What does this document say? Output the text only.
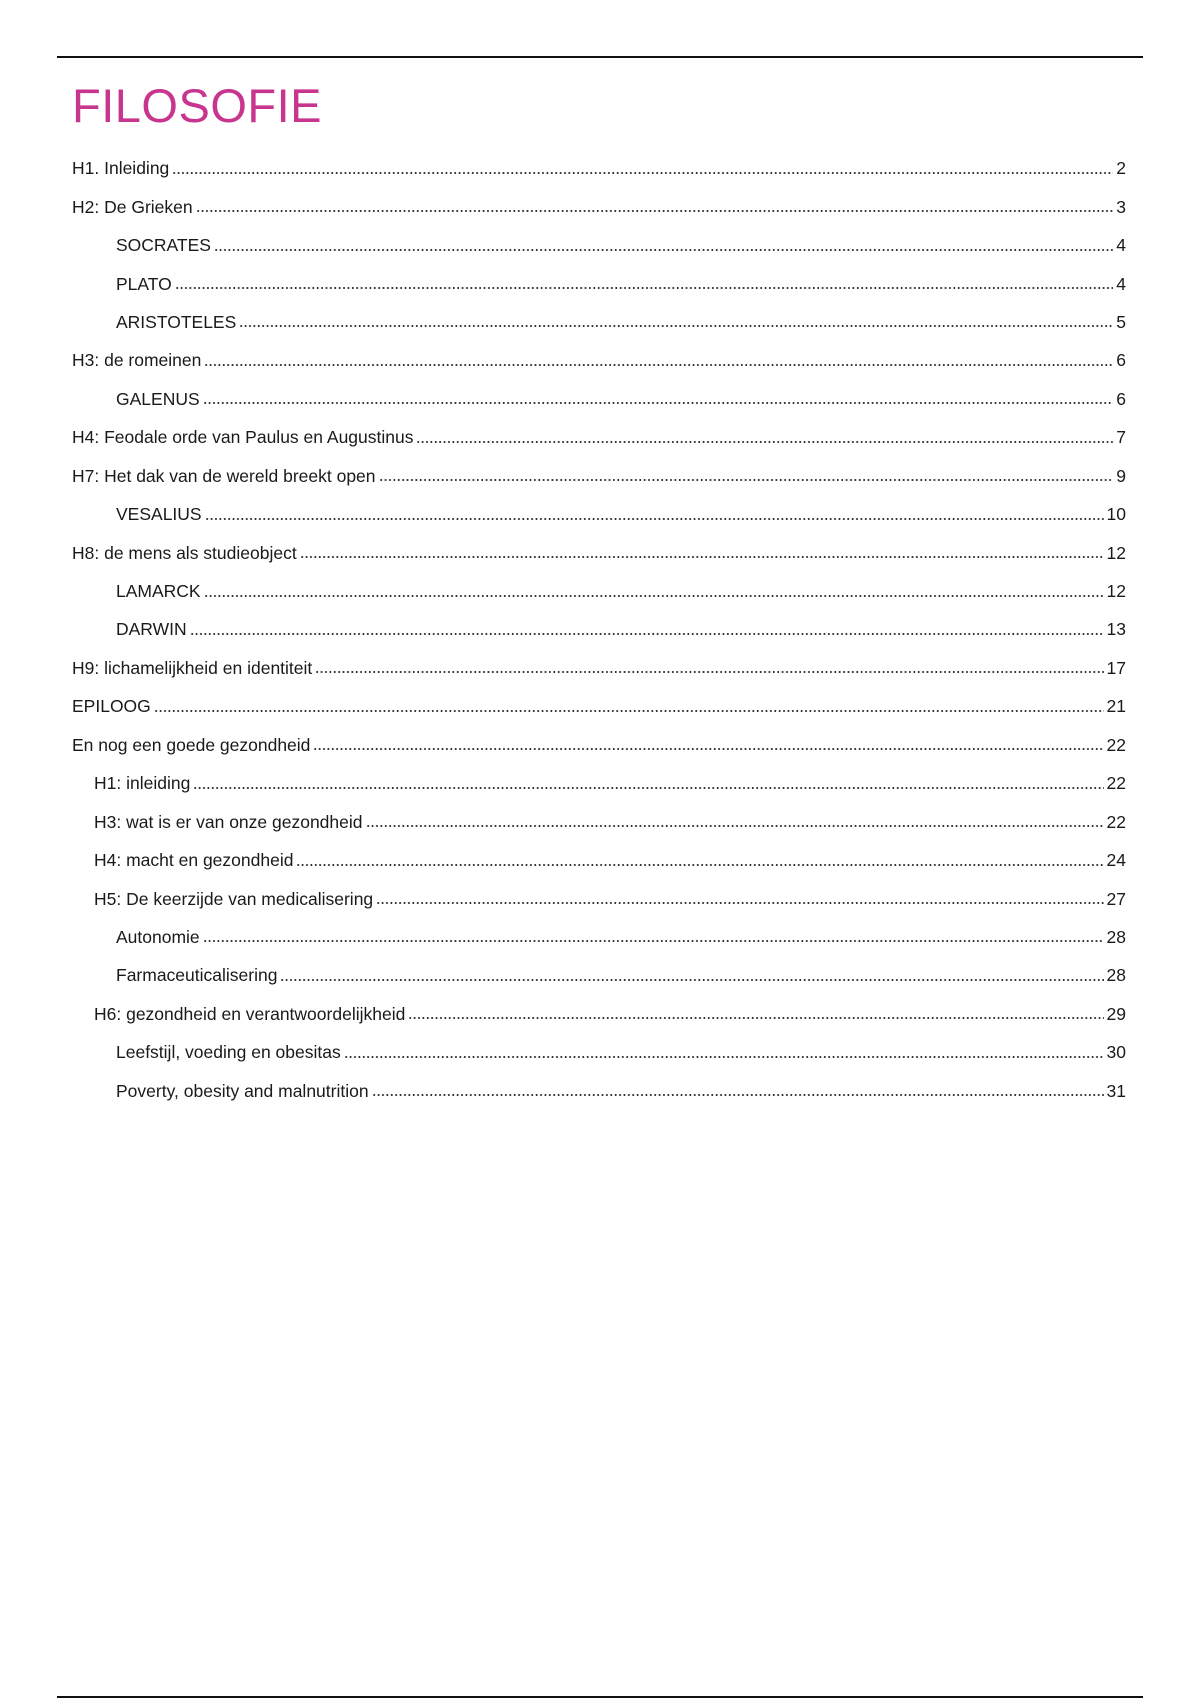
FILOSOFIE
H1. Inleiding	2
H2: De Grieken	3
SOCRATES	4
PLATO	4
ARISTOTELES	5
H3: de romeinen	6
GALENUS	6
H4: Feodale orde van Paulus en Augustinus	7
H7: Het dak van de wereld breekt open	9
VESALIUS	10
H8: de mens als studieobject	12
LAMARCK	12
DARWIN	13
H9: lichamelijkheid en identiteit	17
EPILOOG	21
En nog een goede gezondheid	22
H1: inleiding	22
H3: wat is er van onze gezondheid	22
H4: macht en gezondheid	24
H5: De keerzijde van medicalisering	27
Autonomie	28
Farmaceuticalisering	28
H6: gezondheid en verantwoordelijkheid	29
Leefstijl, voeding en obesitas	30
Poverty, obesity and malnutrition	31
